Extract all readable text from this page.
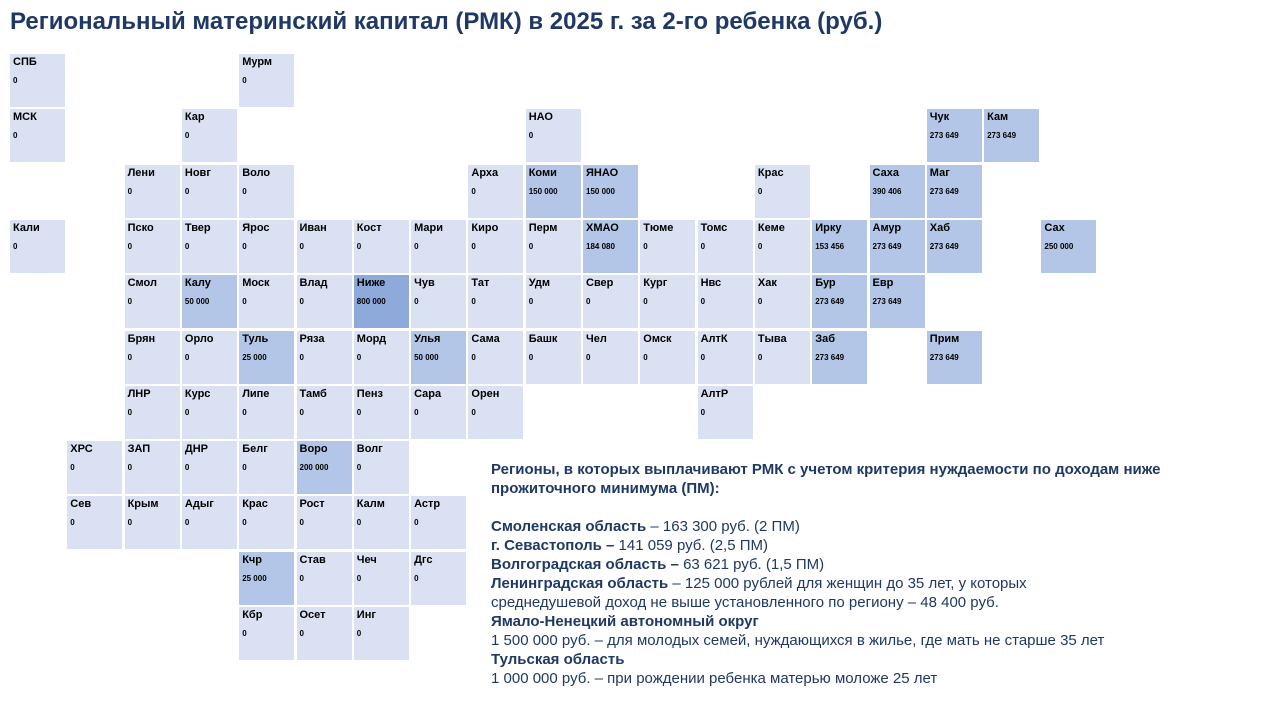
Региональный материнский капитал (РМК) в 2025 г. за 2-го ребенка (руб.)
СПБ
0
Мурм
0
МСК
0
Кар
0
НАО
0
Чук
273 649
Кам
273 649
Лени
0
Новг
0
Воло
0
Арха
0
Коми
150 000
ЯНАО
150 000
Крас
0
Саха
390 406
Маг
273 649
Кали
0
Пско
0
Твер
0
Ярос
0
Иван
0
Кост
0
Мари
0
Киро
0
Перм
0
ХМАО
184 080
Тюме
0
Томс
0
Кеме
0
Ирку
153 456
Амур
273 649
Хаб
273 649
Сах
250 000
Смол
0
Калу
50 000
Моск
0
Влад
0
Ниже
800 000
Чув
0
Тат
0
Удм
0
Свер
0
Кург
0
Нвс
0
Хак
0
Бур
273 649
Евр
273 649
Брян
0
Орло
0
Туль
25 000
Ряза
0
Морд
0
Улья
50 000
Сама
0
Башк
0
Чел
0
Омск
0
АлтК
0
Тыва
0
Заб
273 649
Прим
273 649
ЛНР
0
Курс
0
Липе
0
Тамб
0
Пенз
0
Сара
0
Орен
0
АлтР
0
ХРС
0
ЗАП
0
ДНР
0
Белг
0
Воро
200 000
Волг
0
Сев
0
Крым
0
Адыг
0
Крас
0
Рост
0
Калм
0
Астр
0
Кчр
25 000
Став
0
Чеч
0
Дгс
0
Кбр
0
Осет
0
Инг
0
Регионы, в которых выплачивают РМК с учетом критерия нуждаемости по доходам ниже прожиточного минимума (ПМ):
Смоленская область – 163 300 руб. (2 ПМ)
г. Севастополь – 141 059 руб. (2,5 ПМ)
Волгоградская область – 63 621 руб. (1,5 ПМ)
Ленинградская область – 125 000 рублей для женщин до 35 лет, у которых
среднедушевой доход не выше установленного по региону – 48 400 руб.
Ямало-Ненецкий автономный округ
1 500 000 руб. – для молодых семей, нуждающихся в жилье, где мать не старше 35 лет
Тульская область
1 000 000 руб. – при рождении ребенка матерью моложе 25 лет
